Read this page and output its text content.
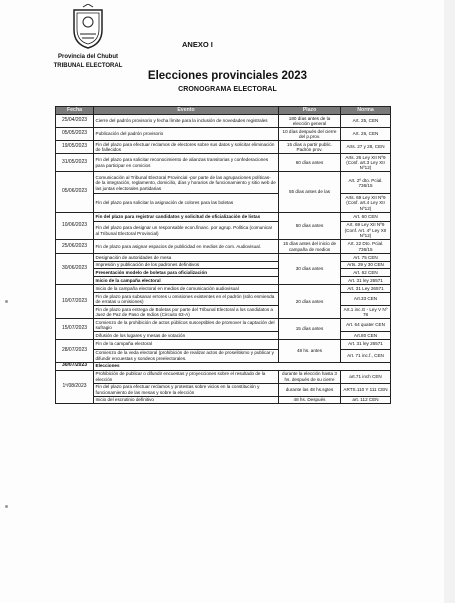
Provincia del Chubut
TRIBUNAL ELECTORAL
ANEXO I
Elecciones provinciales 2023
CRONOGRAMA ELECTORAL
Fecha	Evento	Plazo	Norma
25/04/2023	Cierre del padrón provisorio y fecha límite para la inclusión de novedades registrales	180 días antes de la elección general	Art. 25, CEN
05/05/2023	Publicación del padrón provisorio	10 días después del cierre del p.prov.	Art. 26, CEN
19/05/2023	Fin del plazo para efectuar reclamos de electores sobre sus datos y solicitar eliminación de fallecidos	15 días a partir public. Padrón prov.	Arts. 27 y 28, CEN
31/05/2023	Fin del plazo para solicitar reconocimiento de alianzas transitorias y confederaciones para participar en comicios	60 días antes	Arts. 26 Ley XII Nº9 (Conf. art.3 Ley XII Nº12)
05/06/2023	Comunicación al Tribunal Electoral Provincial -por parte de las agrupaciones políticas- de la integración, reglamento, domicilio, días y horarios de funcionamiento y sitio web de las juntas electorales partidarias	55 días antes de las	Art. 2º dto. Pcial. 736/15
	Fin del plazo para solicitar la asignación de colores para las boletas		Arts. 69 Ley XII Nº9 (Conf. art.4 Ley XII Nº12)
10/06/2023	Fin del plazo para registrar candidatos y solicitud de oficialización de listas	50 días antes	Art. 60 CEN
	Fin del plazo para designar un responsable econ.financ. por agrup. Política (comunicar al Tribunal Electoral Provincial)		Art. 69 Ley XII Nº9 (Conf. Art. 4º Ley XII Nº12)
25/06/2023	Fin de plazo para asignar espacios de publicidad en medios de com. Audiovisual.	15 días antes del inicio de campaña de medios	Art. 22 Dto. Pcial. 736/15
30/06/2023	Designación de autoridades de mesa	30 días antes	Art. 75 CEN
	Impresión y publicación de los padrones definitivos		Arts. 29 y 30 CEN
	Presentación modelo de boletas para oficialización		Art. 62 CEN
	Inicio de la campaña electoral		Art. 31 ley 26571
10/07/2023	Inicio de la campaña electoral en medios de comunicación audiovisual	20 días antes	Art. 31 Ley 26571
	Fin de plazo para subsanar errores u omisiones existentes en el padrón (sólo enmienda de erratas u omisiones)		Art.33 CEN
	Fin de plazo para entrega de Boletas por parte del Tribunal Electoral a los candidatos a Juez de Paz de Paso de Indios (Circuito 63-A)		Art.1 inc.G - Ley V Nº 78
15/07/2023	Comienzo de la prohibición de actos públicos susceptibles de promover la captación del sufragio	15 días antes	Art. 64 quater CEN
	Difusión de los lugares y mesas de votación		Art.80 CEN
28/07/2023	Fin de la campaña electoral	48 hs. antes	Art. 31 ley 26571
	Comienzo de la veda electoral (prohibición de realizar actos de proselitismo y publicar y difundir encuestas y sondeos preelectorales.		Art. 71 inc.f., CEN
30/07/2023	Elecciones		
1º/08/2023	Prohibición de publicar o difundir encuestas y proyecciones sobre el resultado de la elección	durante la elección hasta 3 hs. después de su cierre	art.71 inch CEN
	Fin del plazo para efectuar reclamos y protestas sobre vicios en la constitución y funcionamiento de las mesas y sobre la elección	durante las 48 hs.sgtes	ARTS.110 Y 111 CEN
	Inicio del escrutinio definitivo	48 hs. Después	art. 112 CEN
